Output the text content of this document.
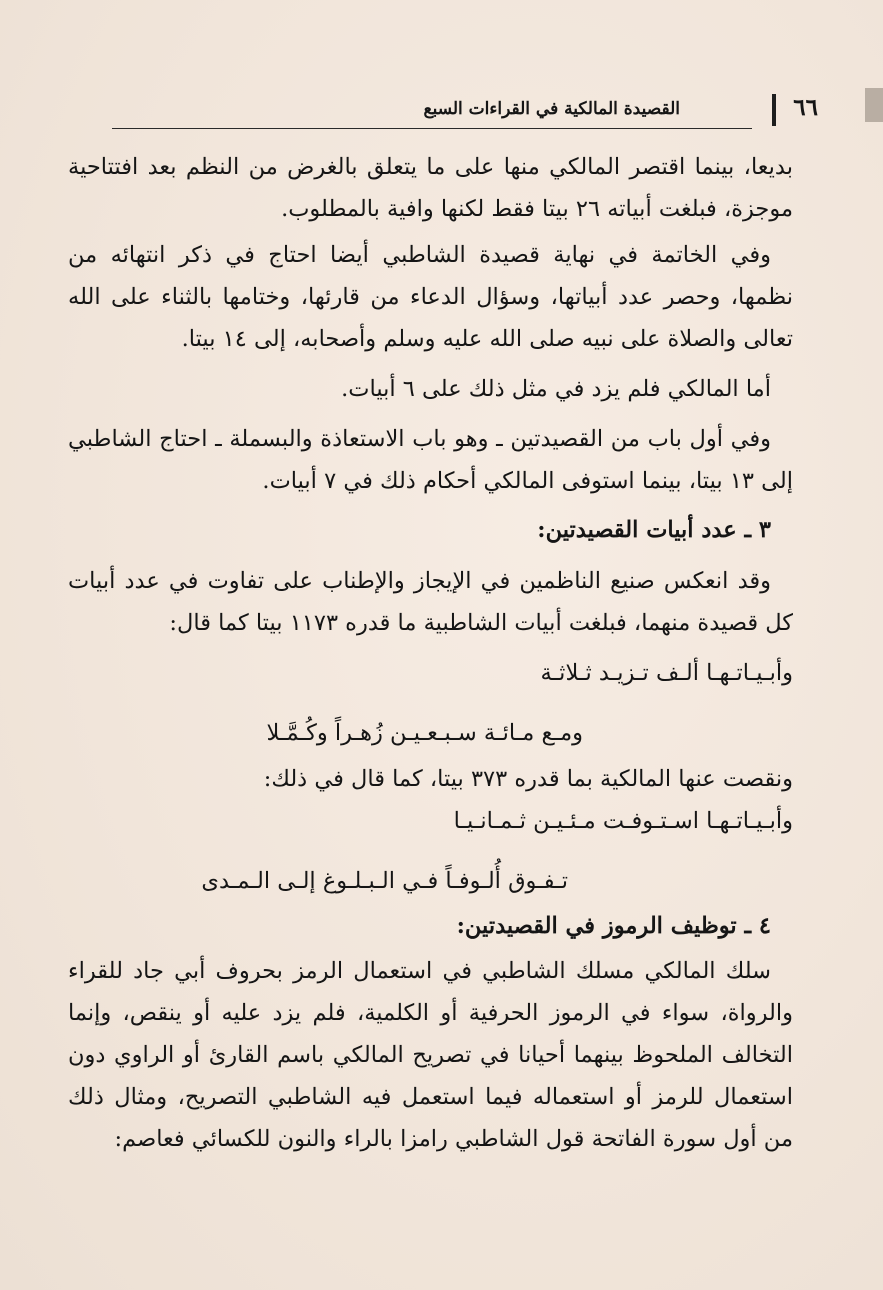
٦٦
القصيدة المالكية في القراءات السبع

بديعا، بينما اقتصر المالكي منها على ما يتعلق بالغرض من النظم بعد افتتاحية موجزة، فبلغت أبياته ٢٦ بيتا فقط لكنها وافية بالمطلوب.

وفي الخاتمة في نهاية قصيدة الشاطبي أيضا احتاج في ذكر انتهائه من نظمها، وحصر عدد أبياتها، وسؤال الدعاء من قارئها، وختامها بالثناء على الله تعالى والصلاة على نبيه صلى الله عليه وسلم وأصحابه، إلى ١٤ بيتا.

أما المالكي فلم يزد في مثل ذلك على ٦ أبيات.

وفي أول باب من القصيدتين ـ وهو باب الاستعاذة والبسملة ـ احتاج الشاطبي إلى ١٣ بيتا، بينما استوفى المالكي أحكام ذلك في ٧ أبيات.

٣ ـ عدد أبيات القصيدتين:

وقد انعكس صنيع الناظمين في الإيجاز والإطناب على تفاوت في عدد أبيات كل قصيدة منهما، فبلغت أبيات الشاطبية ما قدره ١١٧٣ بيتا كما قال:

وأبـيـاتـهـا ألـف تـزيـد ثـلاثـة
ومـع مـائـة سـبـعـيـن زُهـراً وكُـمَّـلا

ونقصت عنها المالكية بما قدره ٣٧٣ بيتا، كما قال في ذلك:

وأبـيـاتـهـا اسـتـوفـت مـئـيـن ثـمـانـيـا
تـفـوق أُلـوفـاً فـي الـبـلـوغ إلـى الـمـدى
٤ ـ توظيف الرموز في القصيدتين:

سلك المالكي مسلك الشاطبي في استعمال الرمز بحروف أبي جاد للقراء والرواة، سواء في الرموز الحرفية أو الكلمية، فلم يزد عليه أو ينقص، وإنما التخالف الملحوظ بينهما أحيانا في تصريح المالكي باسم القارئ أو الراوي دون استعمال للرمز أو استعماله فيما استعمل فيه الشاطبي التصريح، ومثال ذلك من أول سورة الفاتحة قول الشاطبي رامزا بالراء والنون للكسائي فعاصم:
